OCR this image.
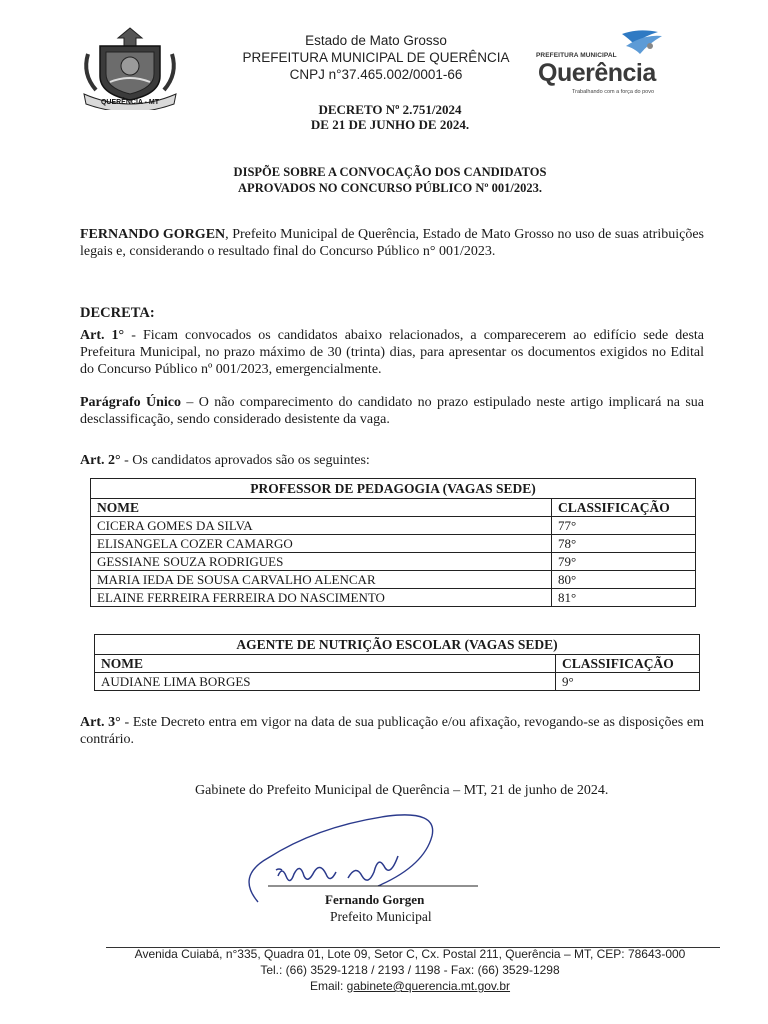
QUERÊNCIA - MT
Estado de Mato Grosso
PREFEITURA MUNICIPAL DE QUERÊNCIA
CNPJ n°37.465.002/0001-66
PREFEITURA MUNICIPAL
Querência
Trabalhando com a força do povo
DECRETO Nº 2.751/2024
DE 21 DE JUNHO DE 2024.
DISPÕE SOBRE A CONVOCAÇÃO DOS CANDIDATOS
APROVADOS NO CONCURSO PÚBLICO Nº 001/2023.
FERNANDO GORGEN, Prefeito Municipal de Querência, Estado de Mato Grosso no uso de suas atribuições legais e, considerando o resultado final do Concurso Público n° 001/2023.
DECRETA:
Art. 1° - Ficam convocados os candidatos abaixo relacionados, a comparecerem ao edifício sede desta Prefeitura Municipal, no prazo máximo de 30 (trinta) dias, para apresentar os documentos exigidos no Edital do Concurso Público nº 001/2023, emergencialmente.
Parágrafo Único – O não comparecimento do candidato no prazo estipulado neste artigo implicará na sua desclassificação, sendo considerado desistente da vaga.
Art. 2° - Os candidatos aprovados são os seguintes:
PROFESSOR DE PEDAGOGIA (VAGAS SEDE)	
NOME	CLASSIFICAÇÃO
CICERA GOMES DA SILVA	77°
ELISANGELA COZER CAMARGO	78°
GESSIANE SOUZA RODRIGUES	79°
MARIA IEDA DE SOUSA CARVALHO ALENCAR	80°
ELAINE FERREIRA FERREIRA DO NASCIMENTO	81°
AGENTE DE NUTRIÇÃO ESCOLAR (VAGAS SEDE)	
NOME	CLASSIFICAÇÃO
AUDIANE LIMA BORGES	9°
Art. 3° - Este Decreto entra em vigor na data de sua publicação e/ou afixação, revogando-se as disposições em contrário.
Gabinete do Prefeito Municipal de Querência – MT, 21 de junho de 2024.
Fernando Gorgen
Prefeito Municipal
Avenida Cuiabá, n°335, Quadra 01, Lote 09, Setor C, Cx. Postal 211, Querência – MT, CEP: 78643-000
Tel.: (66) 3529-1218 / 2193 / 1198 - Fax: (66) 3529-1298
Email: gabinete@querencia.mt.gov.br
